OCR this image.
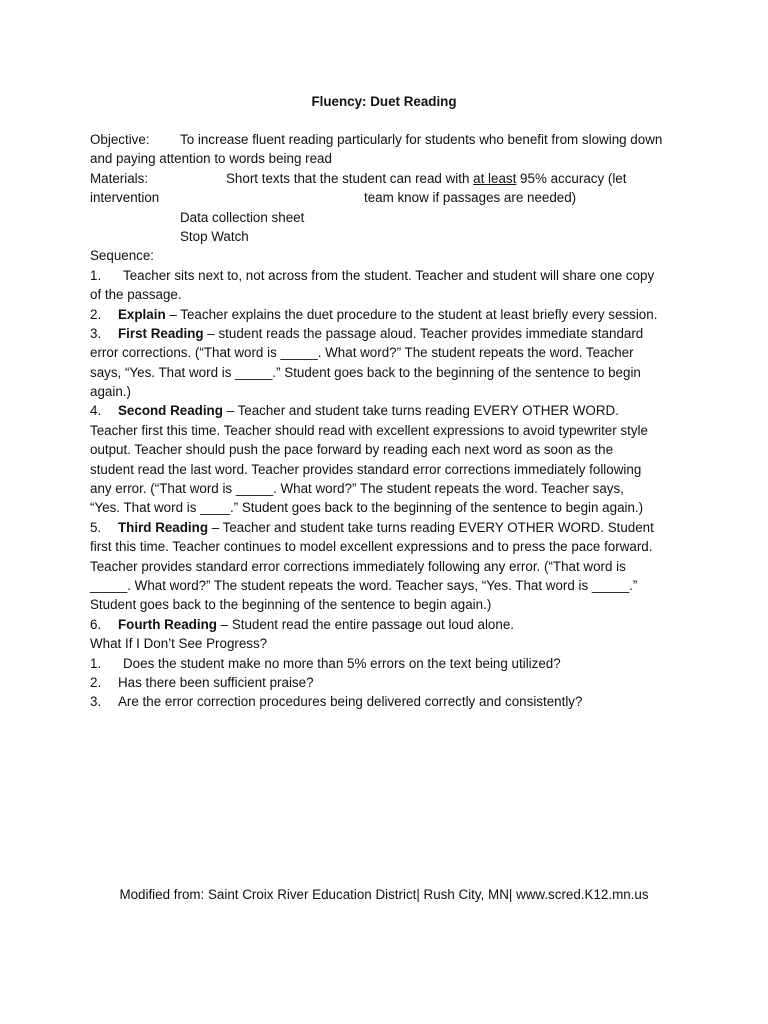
Fluency: Duet Reading
Objective: To increase fluent reading particularly for students who benefit from slowing down
and paying attention to words being read
Materials:	Short texts that the student can read with at least 95% accuracy (let
intervention	team know if passages are needed)
Data collection sheet
Stop Watch
Sequence:
1. Teacher sits next to, not across from the student. Teacher and student will share one copy
of the passage.
2. Explain – Teacher explains the duet procedure to the student at least briefly every session.
3. First Reading – student reads the passage aloud. Teacher provides immediate standard
error corrections. (“That word is _____. What word?” The student repeats the word. Teacher
says, “Yes. That word is _____.” Student goes back to the beginning of the sentence to begin
again.)
4. Second Reading – Teacher and student take turns reading EVERY OTHER WORD.
Teacher first this time. Teacher should read with excellent expressions to avoid typewriter style
output. Teacher should push the pace forward by reading each next word as soon as the
student read the last word. Teacher provides standard error corrections immediately following
any error. (“That word is _____. What word?” The student repeats the word. Teacher says,
“Yes. That word is ____.” Student goes back to the beginning of the sentence to begin again.)
5. Third Reading – Teacher and student take turns reading EVERY OTHER WORD. Student
first this time. Teacher continues to model excellent expressions and to press the pace forward.
Teacher provides standard error corrections immediately following any error. (“That word is
_____. What word?” The student repeats the word. Teacher says, “Yes. That word is _____.”
Student goes back to the beginning of the sentence to begin again.)
6. Fourth Reading – Student read the entire passage out loud alone.
What If I Don’t See Progress?
1. Does the student make no more than 5% errors on the text being utilized?
2. Has there been sufficient praise?
3. Are the error correction procedures being delivered correctly and consistently?
Modified from: Saint Croix River Education District| Rush City, MN| www.scred.K12.mn.us
